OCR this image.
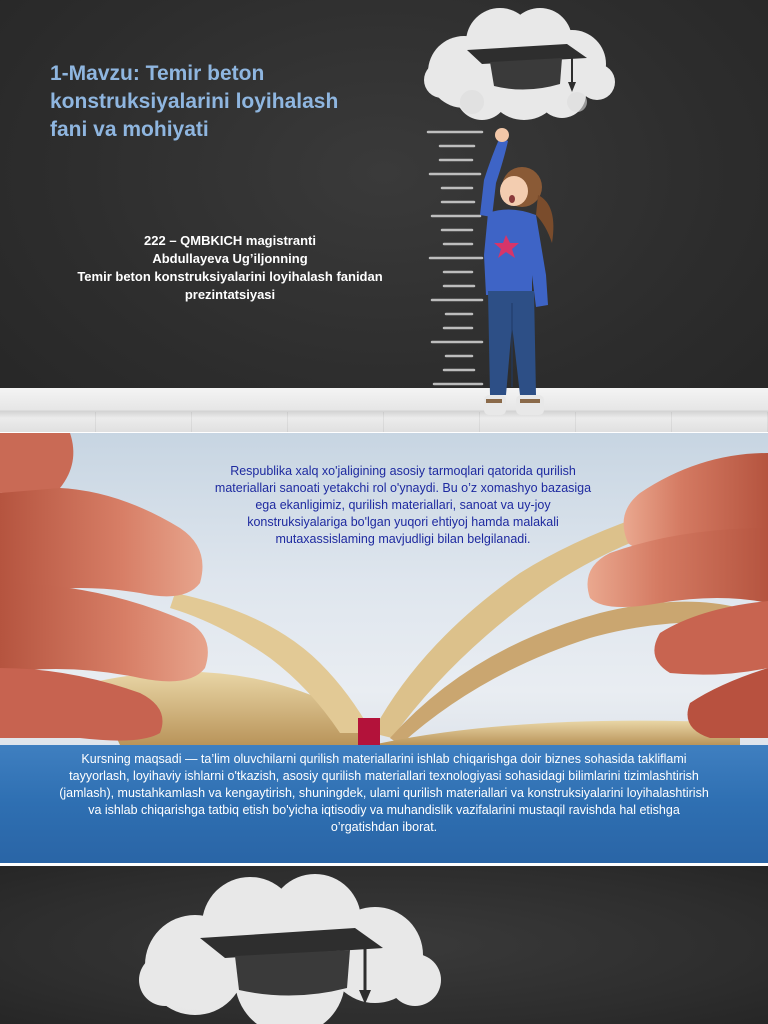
1-Mavzu: Temir beton
konstruksiyalarini loyihalash
fani va mohiyati
222 – QMBKICH magistranti
Abdullayeva Ug’iljonning
Temir beton konstruksiyalarini loyihalash fanidan
prezintatsiyasi
Respublika xalq xo'jaligining asosiy tarmoqlari qatorida qurilish
materiallari sanoati yetakchi rol o'ynaydi. Bu o’z xomashyo bazasiga
ega ekanligimiz, qurilish materiallari, sanoat va uy-joy
konstruksiyalariga bo'lgan yuqori ehtiyoj hamda malakali
mutaxassislaming mavjudligi bilan belgilanadi.
Kursning maqsadi — ta’lim oluvchilarni qurilish materiallarini ishlab chiqarishga doir biznes sohasida takliflami
tayyorlash, loyihaviy ishlarni o'tkazish, asosiy qurilish materiallari texnologiyasi sohasidagi bilimlarini tizimlashtirish
(jamlash), mustahkamlash va kengaytirish, shuningdek, ulami qurilish materiallari va konstruksiyalarini loyihalashtirish
va ishlab chiqarishga tatbiq etish bo'yicha iqtisodiy va muhandislik vazifalarini mustaqil ravishda hal etishga
o’rgatishdan iborat.
